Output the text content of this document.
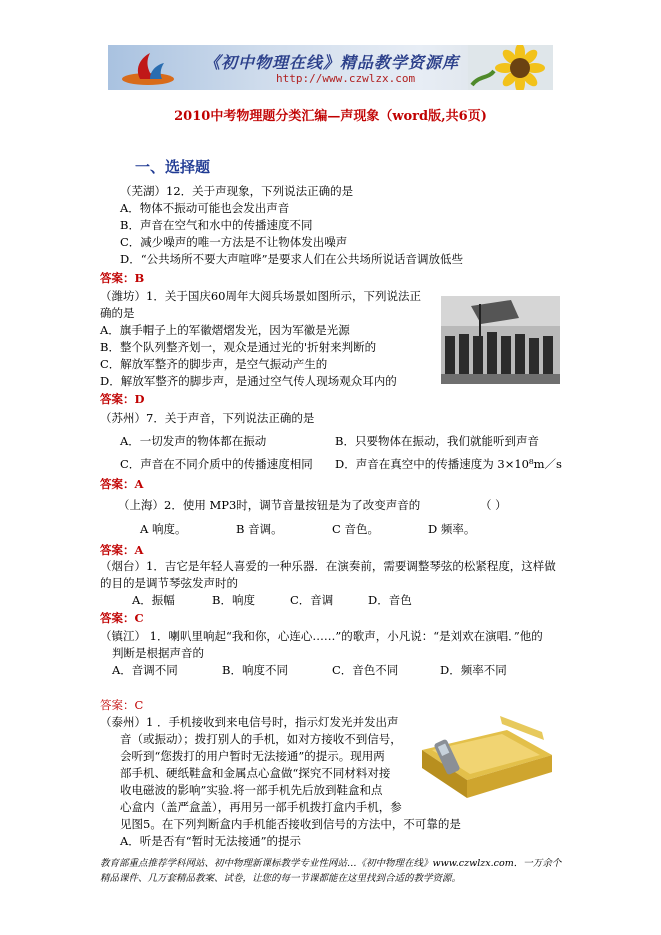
《初中物理在线》精品教学资源库
http://www.czwlzx.com
2010中考物理题分类汇编—声现象（word版,共6页)
一、选择题
（芜湖）12．关于声现象，下列说法正确的是
A．物体不振动可能也会发出声音
B．声音在空气和水中的传播速度不同
C．减少噪声的唯一方法是不让物体发出噪声
D．“公共场所不要大声喧哗”是要求人们在公共场所说话音调放低些
答案：B
（潍坊）1．关于国庆60周年大阅兵场景如图所示，下列说法正
确的是
A．旗手帽子上的军徽熠熠发光，因为军徽是光源
B．整个队列整齐划一，观众是通过光的'折射来判断的
C．解放军整齐的脚步声，是空气振动产生的
D．解放军整齐的脚步声，是通过空气传人现场观众耳内的
答案：D
（苏州）7．关于声音，下列说法正确的是
A．一切发声的物体都在振动	B．只要物体在振动，我们就能听到声音
C．声音在不同介质中的传播速度相同 D．声音在真空中的传播速度为 3×10⁸m／s
答案：A
（上海）2．使用 MP3时，调节音量按钮是为了改变声音的	（ ）
A 响度。	B 音调。	C 音色。	D 频率。
答案：A
（烟台）1．吉它是年轻人喜爱的一种乐器．在演奏前，需要调整琴弦的松紧程度，这样做
的目的是调节琴弦发声时的
A．振幅	B．响度	C．音调	D．音色
答案：C
（镇江） 1．喇叭里响起“我和你，心连心……”的歌声，小凡说：“是刘欢在演唱．”他的
判断是根据声音的
A．音调不同	B．响度不同	C．音色不同	D．频率不同
答案：C
（泰州）1 ．手机接收到来电信号时，指示灯发光并发出声
音（或振动）；拨打别人的手机，如对方接收不到信号，
会听到“您拨打的用户暂时无法接通”的提示。现用两
部手机、硬纸鞋盒和金属点心盒做“探究不同材料对接
收电磁波的影响”实验.将一部手机先后放到鞋盒和点
心盒内（盖严盒盖），再用另一部手机拨打盒内手机，参
见图5。在下列判断盒内手机能否接收到信号的方法中，不可靠的是
A．听是否有“暂时无法接通”的提示
教育部重点推荐学科网站、初中物理新课标教学专业性网站…《初中物理在线》www.czwlzx.com．一万余个精品课件、几万套精品教案、试卷，让您的每一节课都能在这里找到合适的教学资源。
